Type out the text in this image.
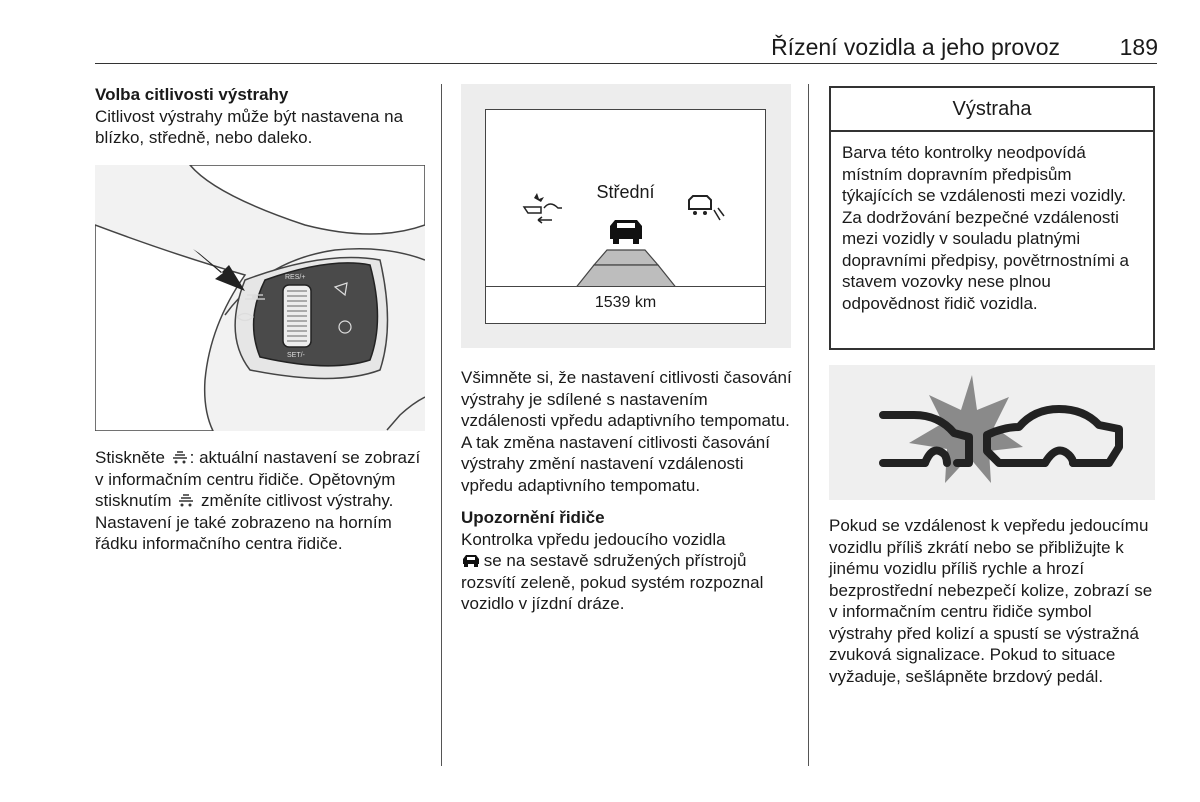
Řízení vozidla a jeho provoz	189

Volba citlivosti výstrahy

Citlivost výstrahy může být nastavena na blízko, středně, nebo daleko.

RES/+
SET/-

Stiskněte
: aktuální nastavení se zobrazí v informačním centru řidiče. Opětovným stisknutím
změníte citlivost výstrahy. Nastavení je také zobrazeno na horním řádku informačního centra řidiče.

Střední
1539 km

Všimněte si, že nastavení citlivosti časování výstrahy je sdílené s nastavením vzdálenosti vpředu adaptivního tempomatu. A tak změna nastavení citlivosti časování výstrahy změní nastavení vzdálenosti vpředu adaptivního tempomatu.

Upozornění řidiče

Kontrolka vpředu jedoucího vozidla

se na sestavě sdružených přístrojů rozsvítí zeleně, pokud systém rozpoznal vozidlo v jízdní dráze.

Výstraha
Barva této kontrolky neodpovídá místním dopravním předpisům týkajících se vzdálenosti mezi vozidly. Za dodržování bezpečné vzdálenosti mezi vozidly v souladu platnými dopravními předpisy, povětrnostními a stavem vozovky nese plnou odpovědnost řidič vozidla.

Pokud se vzdálenost k vepředu jedoucímu vozidlu příliš zkrátí nebo se přibližujte k jinému vozidlu příliš rychle a hrozí bezprostřední nebezpečí kolize, zobrazí se v informačním centru řidiče symbol výstrahy před kolizí a spustí se výstražná zvuková signalizace. Pokud to situace vyžaduje, sešlápněte brzdový pedál.
